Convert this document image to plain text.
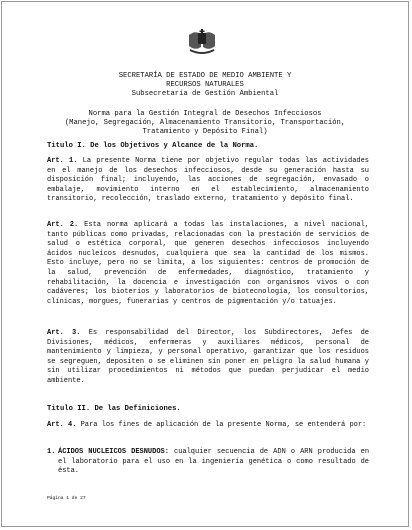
SECRETARÍA DE ESTADO DE MEDIO AMBIENTE Y
RECURSOS NATURALES
Subsecretaría de Gestión Ambiental
Norma para la Gestión Integral de Desechos Infecciosos
(Manejo, Segregación, Almacenamiento Transitorio, Transportación,
Tratamiento y Depósito Final)
Titulo I. De los Objetivos y Alcance de la Norma.
Art. 1. La presente Norma tiene por objetivo regular todas las actividades en el manejo de los desechos infecciosos, desde su generación hasta su disposición final; incluyendo, las acciones de segregación, envasado o embalaje, movimiento interno en el establecimiento, almacenamiento transitorio, recolección, traslado externo, tratamiento y depósito final.
Art. 2. Esta norma aplicará a todas las instalaciones, a nivel nacional, tanto públicas como privadas, relacionadas con la prestación de servicios de salud o estética corporal, que generen desechos infecciosos incluyendo ácidos nucleicos desnudos, cualquiera que sea la cantidad de los mismos. Esto incluye, pero no se limita, a los siguientes: centros de promoción de la salud, prevención de enfermedades, diagnóstico, tratamiento y rehabilitación, la docencia e investigación con organismos vivos o con cadáveres; los bioterios y laboratorios de biotecnología, los consultorios, clínicas, morgues, funerarias y centros de pigmentación y/o tatuajes.
Art. 3. Es responsabilidad del Director, los Subdirectores, Jefes de Divisiones, médicos, enfermeras y auxiliares médicos, personal de mantenimiento y limpieza, y personal operativo, garantizar que los residuos se segreguen, depositen o se eliminen sin poner en peligro la salud humana y sin utilizar procedimientos ni métodos que puedan perjudicar el medio ambiente.
Titulo II. De las Definiciones.
Art. 4. Para los fines de aplicación de la presente Norma, se entenderá por:
1. ÁCIDOS NUCLEICOS DESNUDOS: cualquier secuencia de ADN o ARN producida en el laboratorio para el uso en la ingeniería genética o como resultado de ésta.
Página 1 de 27
